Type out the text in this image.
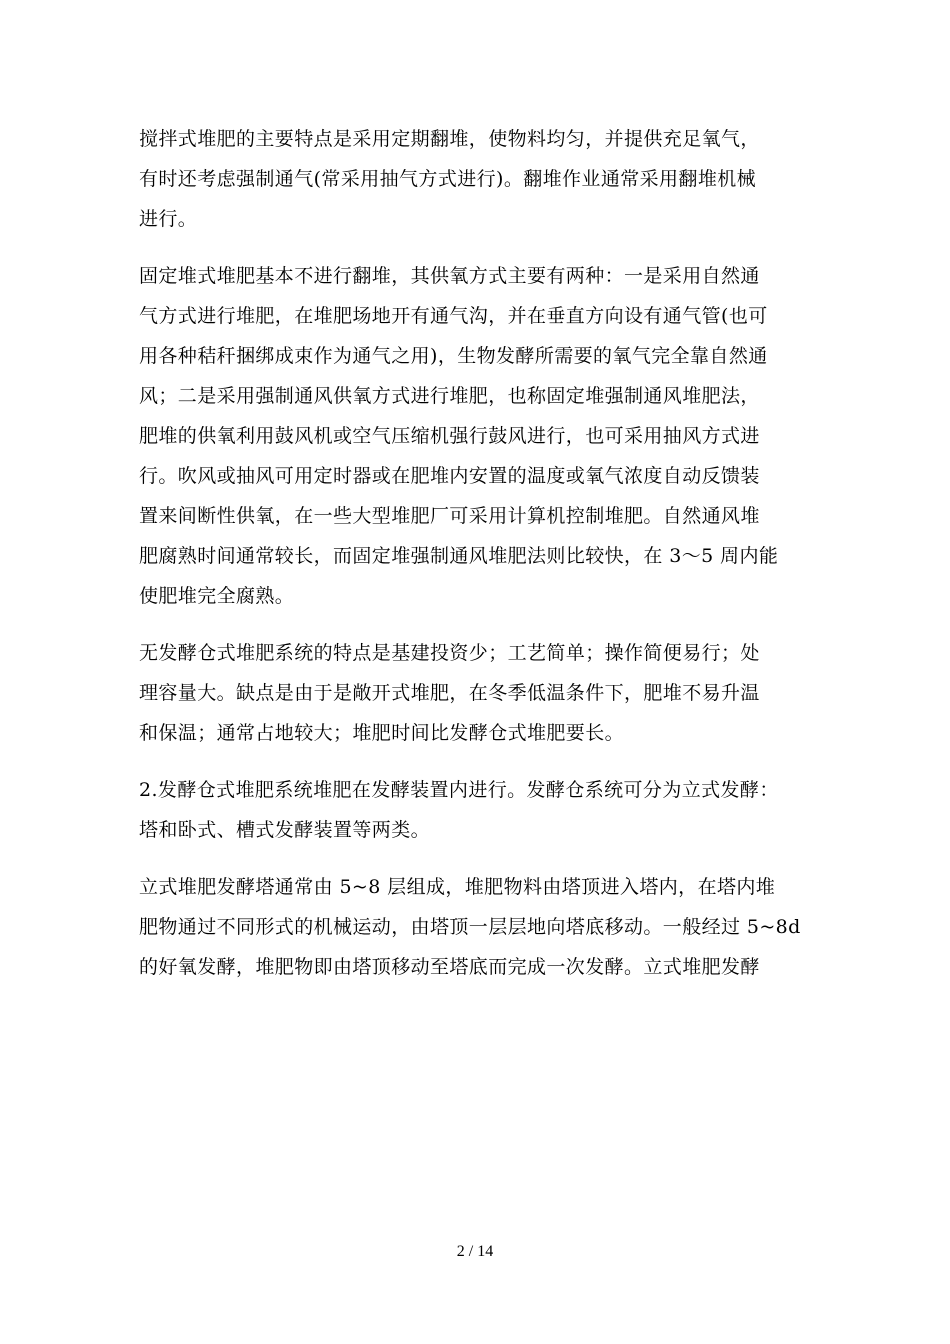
搅拌式堆肥的主要特点是采用定期翻堆，使物料均匀，并提供充足氧气，
有时还考虑强制通气(常采用抽气方式进行)。翻堆作业通常采用翻堆机械
进行。
固定堆式堆肥基本不进行翻堆，其供氧方式主要有两种：一是采用自然通
气方式进行堆肥，在堆肥场地开有通气沟，并在垂直方向设有通气管(也可
用各种秸秆捆绑成束作为通气之用)，生物发酵所需要的氧气完全靠自然通
风；二是采用强制通风供氧方式进行堆肥，也称固定堆强制通风堆肥法，
肥堆的供氧利用鼓风机或空气压缩机强行鼓风进行，也可采用抽风方式进
行。吹风或抽风可用定时器或在肥堆内安置的温度或氧气浓度自动反馈装
置来间断性供氧，在一些大型堆肥厂可采用计算机控制堆肥。自然通风堆
肥腐熟时间通常较长，而固定堆强制通风堆肥法则比较快，在 3～5 周内能
使肥堆完全腐熟。
无发酵仓式堆肥系统的特点是基建投资少；工艺简单；操作简便易行；处
理容量大。缺点是由于是敞开式堆肥，在冬季低温条件下，肥堆不易升温
和保温；通常占地较大；堆肥时间比发酵仓式堆肥要长。
2.发酵仓式堆肥系统堆肥在发酵装置内进行。发酵仓系统可分为立式发酵：
塔和卧式、槽式发酵装置等两类。
立式堆肥发酵塔通常由 5~8 层组成，堆肥物料由塔顶进入塔内，在塔内堆
肥物通过不同形式的机械运动，由塔顶一层层地向塔底移动。一般经过 5~8d
的好氧发酵，堆肥物即由塔顶移动至塔底而完成一次发酵。立式堆肥发酵
2 / 14
